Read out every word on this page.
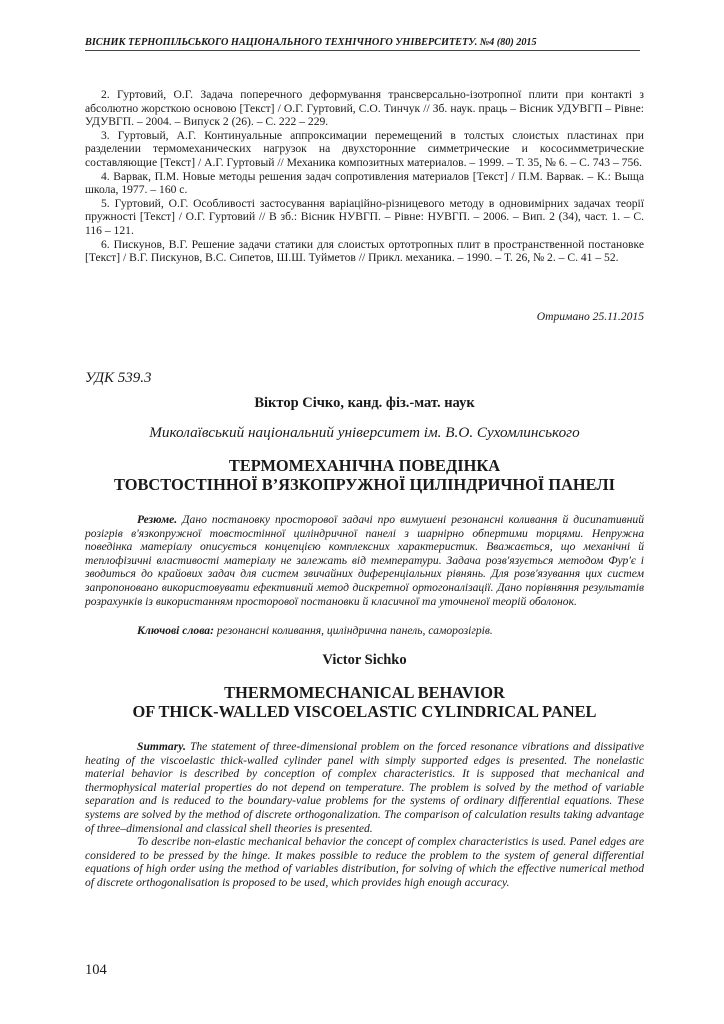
ВІСНИК ТЕРНОПІЛЬСЬКОГО НАЦІОНАЛЬНОГО ТЕХНІЧНОГО УНІВЕРСИТЕТУ. №4 (80) 2015

2. Гуртовий, О.Г. Задача поперечного деформування трансверсально-ізотропної плити при контакті з абсолютно жорсткою основою [Текст] / О.Г. Гуртовий, С.О. Тинчук // Зб. наук. праць – Вісник УДУВГП – Рівне: УДУВГП. – 2004. – Випуск 2 (26). – С. 222 – 229.

3. Гуртовый, А.Г. Континуальные аппроксимации перемещений в толстых слоистых пластинах при разделении термомеханических нагрузок на двухсторонние симметрические и кососимметрические составляющие [Текст] / А.Г. Гуртовый // Механика композитных материалов. – 1999. – Т. 35, № 6. – С. 743 – 756.

4. Варвак, П.М. Новые методы решения задач сопротивления материалов [Текст] / П.М. Варвак. – К.: Выща школа, 1977. – 160 с.

5. Гуртовий, О.Г. Особливості застосування варіаційно-різницевого методу в одновимірних задачах теорії пружності [Текст] / О.Г. Гуртовий // В зб.: Вісник НУВГП. – Рівне: НУВГП. – 2006. – Вип. 2 (34), част. 1. – С. 116 – 121.

6. Пискунов, В.Г. Решение задачи статики для слоистых ортотропных плит в пространственной постановке [Текст] / В.Г. Пискунов, В.С. Сипетов, Ш.Ш. Туйметов // Прикл. механика. – 1990. – Т. 26, № 2. – С. 41 – 52.

Отримано 25.11.2015
УДК 539.3
Віктор Січко, канд. фіз.-мат. наук
Миколаївський національний університет ім. В.О. Сухомлинського
ТЕРМОМЕХАНІЧНА ПОВЕДІНКА
ТОВСТОСТІННОЇ В’ЯЗКОПРУЖНОЇ ЦИЛІНДРИЧНОЇ ПАНЕЛІ

Резюме. Дано постановку просторової задачі про вимушені резонансні коливання й дисипативний розігрів в'язкопружної товстостінної циліндричної панелі з шарнірно обпертими торцями. Непружна поведінка матеріалу описується концепцією комплексних характеристик. Вважається, що механічні й теплофізичні властивості матеріалу не залежать від температури. Задача розв'язується методом Фур'є і зводиться до крайових задач для систем звичайних диференціальних рівнянь. Для розв'язування цих систем запропоновано використовувати ефективний метод дискретної ортогоналізації. Дано порівняння результатів розрахунків із використанням просторової постановки й класичної та уточненої теорій оболонок.

Ключові слова: резонансні коливання, циліндрична панель, саморозігрів.
Victor Sichko
THERMOMECHANICAL BEHAVIOR
OF THICK-WALLED VISCOELASTIC CYLINDRICAL PANEL

Summary. The statement of three-dimensional problem on the forced resonance vibrations and dissipative heating of the viscoelastic thick-walled cylinder panel with simply supported edges is presented. The nonelastic material behavior is described by conception of complex characteristics. It is supposed that mechanical and thermophysical material properties do not depend on temperature. The problem is solved by the method of variable separation and is reduced to the boundary-value problems for the systems of ordinary differential equations. These systems are solved by the method of discrete orthogonalization. The comparison of calculation results taking advantage of three–dimensional and classical shell theories is presented.

To describe non-elastic mechanical behavior the concept of complex characteristics is used. Panel edges are considered to be pressed by the hinge. It makes possible to reduce the problem to the system of general differential equations of high order using the method of variables distribution, for solving of which the effective numerical method of discrete orthogonalisation is proposed to be used, which provides high enough accuracy.

104
